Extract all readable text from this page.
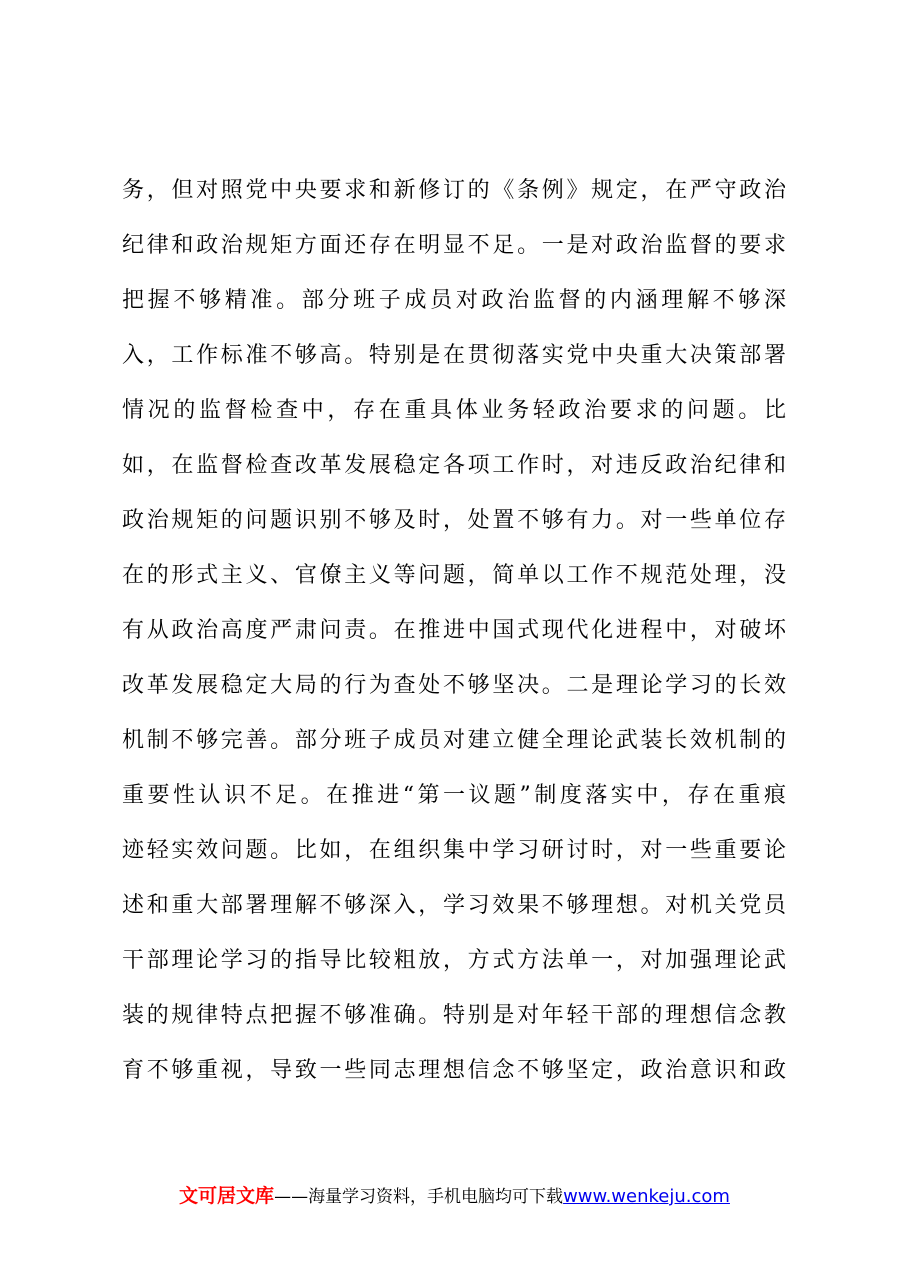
务，但对照党中央要求和新修订的《条例》规定，在严守政治
纪律和政治规矩方面还存在明显不足。一是对政治监督的要求
把握不够精准。部分班子成员对政治监督的内涵理解不够深
入，工作标准不够高。特别是在贯彻落实党中央重大决策部署
情况的监督检查中，存在重具体业务轻政治要求的问题。比
如，在监督检查改革发展稳定各项工作时，对违反政治纪律和
政治规矩的问题识别不够及时，处置不够有力。对一些单位存
在的形式主义、官僚主义等问题，简单以工作不规范处理，没
有从政治高度严肃问责。在推进中国式现代化进程中，对破坏
改革发展稳定大局的行为查处不够坚决。二是理论学习的长效
机制不够完善。部分班子成员对建立健全理论武装长效机制的
重要性认识不足。在推进“第一议题”制度落实中，存在重痕
迹轻实效问题。比如，在组织集中学习研讨时，对一些重要论
述和重大部署理解不够深入，学习效果不够理想。对机关党员
干部理论学习的指导比较粗放，方式方法单一，对加强理论武
装的规律特点把握不够准确。特别是对年轻干部的理想信念教
育不够重视，导致一些同志理想信念不够坚定，政治意识和政
文可居文库——海量学习资料，手机电脑均可下载www.wenkeju.com
